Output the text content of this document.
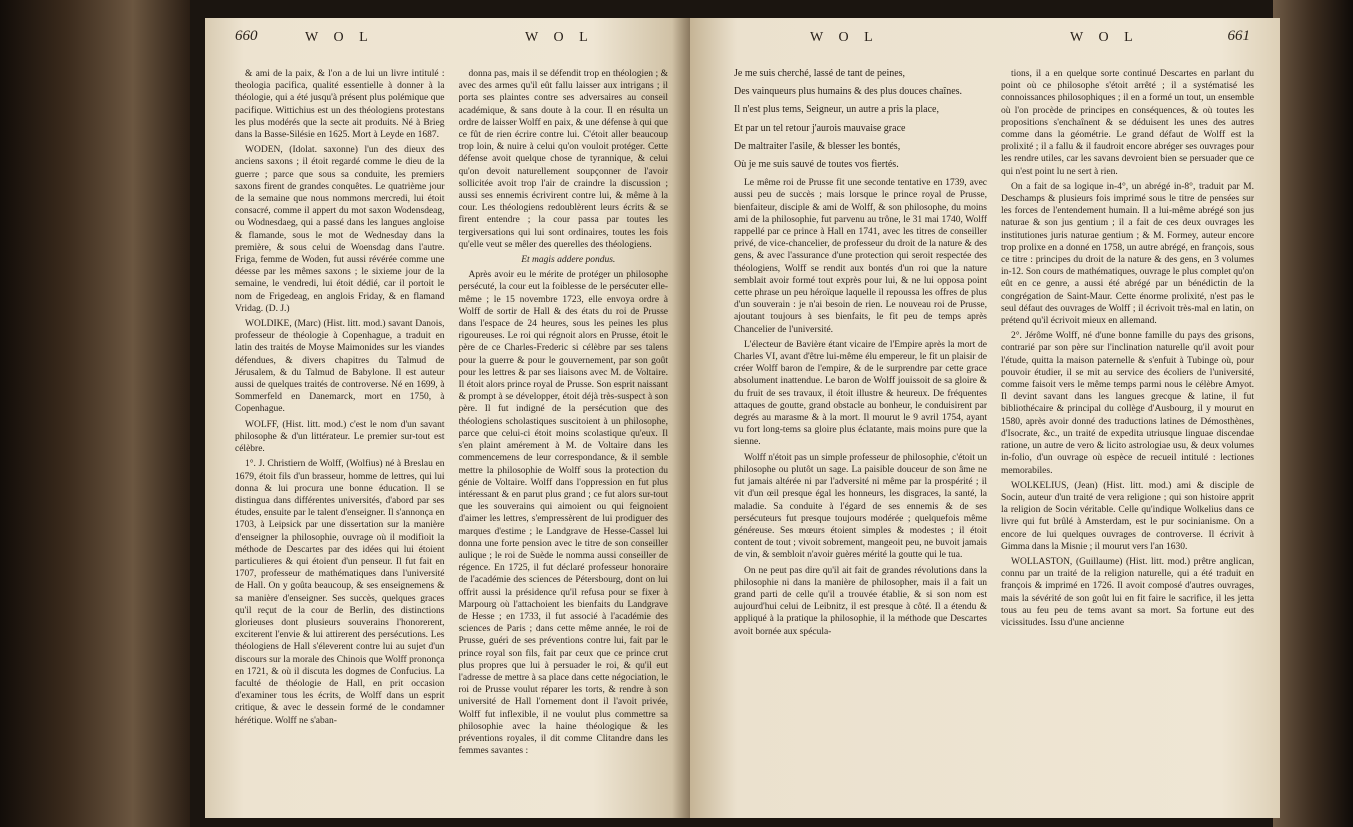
660	W O L	W O L

& ami de la paix, & l'on a de lui un livre intitulé : theologia pacifica, qualité essentielle à donner à la théologie, qui a été jusqu'à présent plus polémique que pacifique. Wittichius est un des théologiens protestans les plus modérés que la secte ait produits. Né à Brieg dans la Basse-Silésie en 1625. Mort à Leyde en 1687.

WODEN, (Idolat. saxonne) l'un des dieux des anciens saxons ; il étoit regardé comme le dieu de la guerre ; parce que sous sa conduite, les premiers saxons firent de grandes conquêtes. Le quatrième jour de la semaine que nous nommons mercredi, lui étoit consacré, comme il appert du mot saxon Wodensdeag, ou Wodnesdaeg, qui a passé dans les langues angloise & flamande, sous le mot de Wednesday dans la première, & sous celui de Woensdag dans l'autre. Friga, femme de Woden, fut aussi révérée comme une déesse par les mêmes saxons ; le sixieme jour de la semaine, le vendredi, lui étoit dédié, car il portoit le nom de Frigedeag, en anglois Friday, & en flamand Vridag. (D. J.)

WOLDIKE, (Marc) (Hist. litt. mod.) savant Danois, professeur de théologie à Copenhague, a traduit en latin des traités de Moyse Maimonides sur les viandes défendues, & divers chapitres du Talmud de Jérusalem, & du Talmud de Babylone. Il est auteur aussi de quelques traités de controverse. Né en 1699, à Sommerfeld en Danemarck, mort en 1750, à Copenhague.

WOLFF, (Hist. litt. mod.) c'est le nom d'un savant philosophe & d'un littérateur. Le premier sur-tout est célèbre.

1°. J. Christiern de Wolff, (Wolfius) né à Breslau en 1679, étoit fils d'un brasseur, homme de lettres, qui lui donna & lui procura une bonne éducation. Il se distingua dans différentes universités, d'abord par ses études, ensuite par le talent d'enseigner. Il s'annonça en 1703, à Leipsick par une dissertation sur la manière d'enseigner la philosophie, ouvrage où il modifioit la méthode de Descartes par des idées qui lui étoient particulieres & qui étoient d'un penseur. Il fut fait en 1707, professeur de mathématiques dans l'université de Hall. On y goûta beaucoup, & ses enseignemens & sa manière d'enseigner. Ses succès, quelques graces qu'il reçut de la cour de Berlin, des distinctions glorieuses dont plusieurs souverains l'honorerent, exciterent l'envie & lui attirerent des persécutions. Les théologiens de Hall s'éleverent contre lui au sujet d'un discours sur la morale des Chinois que Wolff prononça en 1721, & où il discuta les dogmes de Confucius. La faculté de théologie de Hall, en prit occasion d'examiner tous les écrits, de Wolff dans un esprit critique, & avec le dessein formé de le condamner hérétique. Wolff ne s'aban-

donna pas, mais il se défendit trop en théologien ; & avec des armes qu'il eût fallu laisser aux intrigans ; il porta ses plaintes contre ses adversaires au conseil académique, & sans doute à la cour. Il en résulta un ordre de laisser Wolff en paix, & une défense à qui que ce fût de rien écrire contre lui. C'étoit aller beaucoup trop loin, & nuire à celui qu'on vouloit protéger. Cette défense avoit quelque chose de tyrannique, & celui qu'on devoit naturellement soupçonner de l'avoir sollicitée avoit trop l'air de craindre la discussion ; aussi ses ennemis écrivirent contre lui, & même à la cour. Les théologiens redoublèrent leurs écrits & se firent entendre ; la cour passa par toutes les tergiversations qui lui sont ordinaires, toutes les fois qu'elle veut se mêler des querelles des théologiens.

Et magis addere pondus.

Après avoir eu le mérite de protéger un philosophe persécuté, la cour eut la foiblesse de le persécuter elle-même ; le 15 novembre 1723, elle envoya ordre à Wolff de sortir de Hall & des états du roi de Prusse dans l'espace de 24 heures, sous les peines les plus rigoureuses. Le roi qui régnoit alors en Prusse, étoit le père de ce Charles-Frederic si célèbre par ses talens pour la guerre & pour le gouvernement, par son goût pour les lettres & par ses liaisons avec M. de Voltaire. Il étoit alors prince royal de Prusse. Son esprit naissant & prompt à se développer, étoit déjà très-suspect à son père. Il fut indigné de la persécution que des théologiens scholastiques suscitoient à un philosophe, parce que celui-ci étoit moins scolastique qu'eux. Il s'en plaint amérement à M. de Voltaire dans les commencemens de leur correspondance, & il semble mettre la philosophie de Wolff sous la protection du génie de Voltaire. Wolff dans l'oppression en fut plus intéressant & en parut plus grand ; ce fut alors sur-tout que les souverains qui aimoient ou qui feignoient d'aimer les lettres, s'empressèrent de lui prodiguer des marques d'estime ; le Landgrave de Hesse-Cassel lui donna une forte pension avec le titre de son conseiller aulique ; le roi de Suède le nomma aussi conseiller de régence. En 1725, il fut déclaré professeur honoraire de l'académie des sciences de Pétersbourg, dont on lui offrit aussi la présidence qu'il refusa pour se fixer à Marpourg où l'attachoient les bienfaits du Landgrave de Hesse ; en 1733, il fut associé à l'académie des sciences de Paris ; dans cette même année, le roi de Prusse, guéri de ses préventions contre lui, fait par le prince royal son fils, fait par ceux que ce prince crut plus propres que lui à persuader le roi, & qu'il eut l'adresse de mettre à sa place dans cette négociation, le roi de Prusse voulut réparer les torts, & rendre à son université de Hall l'ornement dont il l'avoit privée, Wolff fut inflexible, il ne voulut plus commettre sa philosophie avec la haine théologique & les préventions royales, il dit comme Clitandre dans les femmes savantes :

W O L	W O L	661

Je me suis cherché, lassé de tant de peines,

Des vainqueurs plus humains & des plus douces chaînes.

Il n'est plus tems, Seigneur, un autre a pris la place,

Et par un tel retour j'aurois mauvaise grace

De maltraiter l'asile, & blesser les bontés,

Où je me suis sauvé de toutes vos fiertés.

Le même roi de Prusse fit une seconde tentative en 1739, avec aussi peu de succès ; mais lorsque le prince royal de Prusse, bienfaiteur, disciple & ami de Wolff, & son philosophe, du moins ami de la philosophie, fut parvenu au trône, le 31 mai 1740, Wolff rappellé par ce prince à Hall en 1741, avec les titres de conseiller privé, de vice-chancelier, de professeur du droit de la nature & des gens, & avec l'assurance d'une protection qui seroit respectée des théologiens, Wolff se rendit aux bontés d'un roi que la nature semblait avoir formé tout exprès pour lui, & ne lui opposa point cette phrase un peu héroïque laquelle il repoussa les offres de plus d'un souverain : je n'ai besoin de rien. Le nouveau roi de Prusse, ajoutant toujours à ses bienfaits, le fit peu de temps après Chancelier de l'université.

L'électeur de Bavière étant vicaire de l'Empire après la mort de Charles VI, avant d'être lui-même élu empereur, le fit un plaisir de créer Wolff baron de l'empire, & de le surprendre par cette grace absolument inattendue. Le baron de Wolff jouissoit de sa gloire & du fruit de ses travaux, il étoit illustre & heureux. De fréquentes attaques de goutte, grand obstacle au bonheur, le conduisirent par degrés au marasme & à la mort. Il mourut le 9 avril 1754, ayant vu fort long-tems sa gloire plus éclatante, mais moins pure que la sienne.

Wolff n'étoit pas un simple professeur de philosophie, c'étoit un philosophe ou plutôt un sage. La paisible douceur de son âme ne fut jamais altérée ni par l'adversité ni même par la prospérité ; il vit d'un œil presque égal les honneurs, les disgraces, la santé, la maladie. Sa conduite à l'égard de ses ennemis & de ses persécuteurs fut presque toujours modérée ; quelquefois même généreuse. Ses mœurs étoient simples & modestes ; il étoit content de tout ; vivoit sobrement, mangeoit peu, ne buvoit jamais de vin, & sembloit n'avoir guères mérité la goutte qui le tua.

On ne peut pas dire qu'il ait fait de grandes révolutions dans la philosophie ni dans la manière de philosopher, mais il a fait un grand parti de celle qu'il a trouvée établie, & si son nom est aujourd'hui celui de Leibnitz, il est presque à côté. Il a étendu & appliqué à la pratique la philosophie, il la méthode que Descartes avoit bornée aux spécula-

tions, il a en quelque sorte continué Descartes en parlant du point où ce philosophe s'étoit arrêté ; il a systématisé les connoissances philosophiques ; il en a formé un tout, un ensemble où l'on procède de principes en conséquences, & où toutes les propositions s'enchaînent & se déduisent les unes des autres comme dans la géométrie. Le grand défaut de Wolff est la prolixité ; il a fallu & il faudroit encore abréger ses ouvrages pour les rendre utiles, car les savans devroient bien se persuader que ce qui n'est point lu ne sert à rien.

On a fait de sa logique in-4°, un abrégé in-8°, traduit par M. Deschamps & plusieurs fois imprimé sous le titre de pensées sur les forces de l'entendement humain. Il a lui-même abrégé son jus naturae & son jus gentium ; il a fait de ces deux ouvrages les institutiones juris naturae gentium ; & M. Formey, auteur encore trop prolixe en a donné en 1758, un autre abrégé, en françois, sous ce titre : principes du droit de la nature & des gens, en 3 volumes in-12. Son cours de mathématiques, ouvrage le plus complet qu'on eût en ce genre, a aussi été abrégé par un bénédictin de la congrégation de Saint-Maur. Cette énorme prolixité, n'est pas le seul défaut des ouvrages de Wolff ; il écrivoit très-mal en latin, on prétend qu'il écrivoit mieux en allemand.

2°. Jérôme Wolff, né d'une bonne famille du pays des grisons, contrarié par son père sur l'inclination naturelle qu'il avoit pour l'étude, quitta la maison paternelle & s'enfuit à Tubinge où, pour pouvoir étudier, il se mit au service des écoliers de l'université, comme faisoit vers le même temps parmi nous le célèbre Amyot. Il devint savant dans les langues grecque & latine, il fut bibliothécaire & principal du collège d'Ausbourg, il y mourut en 1580, après avoir donné des traductions latines de Démosthènes, d'Isocrate, &c., un traité de expedita utriusque linguae discendae ratione, un autre de vero & licito astrologiae usu, & deux volumes in-folio, d'un ouvrage où espèce de recueil intitulé : lectiones memorabiles.

WOLKELIUS, (Jean) (Hist. litt. mod.) ami & disciple de Socin, auteur d'un traité de vera religione ; qui son histoire apprit la religion de Socin véritable. Celle qu'indique Wolkelius dans ce livre qui fut brûlé à Amsterdam, est le pur socinianisme. On a encore de lui quelques ouvrages de controverse. Il écrivit à Gimma dans la Misnie ; il mourut vers l'an 1630.

WOLLASTON, (Guillaume) (Hist. litt. mod.) prêtre anglican, connu par un traité de la religion naturelle, qui a été traduit en françois & imprimé en 1726. Il avoit composé d'autres ouvrages, mais la sévérité de son goût lui en fit faire le sacrifice, il les jetta tous au feu peu de tems avant sa mort. Sa fortune eut des vicissitudes. Issu d'une ancienne
